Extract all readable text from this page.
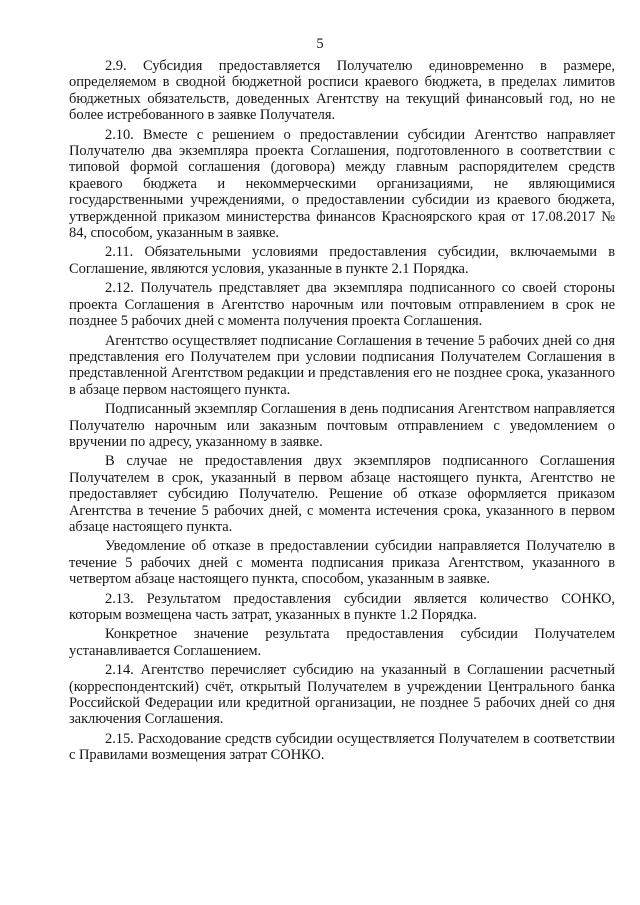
5

2.9. Субсидия предоставляется Получателю единовременно в размере, определяемом в сводной бюджетной росписи краевого бюджета, в пределах лимитов бюджетных обязательств, доведенных Агентству на текущий финансовый год, но не более истребованного в заявке Получателя.

2.10. Вместе с решением о предоставлении субсидии Агентство направляет Получателю два экземпляра проекта Соглашения, подготовленного в соответствии с типовой формой соглашения (договора) между главным распорядителем средств краевого бюджета и некоммерческими организациями, не являющимися государственными учреждениями, о предоставлении субсидии из краевого бюджета, утвержденной приказом министерства финансов Красноярского края от 17.08.2017 № 84, способом, указанным в заявке.

2.11. Обязательными условиями предоставления субсидии, включаемыми в Соглашение, являются условия, указанные в пункте 2.1 Порядка.

2.12. Получатель представляет два экземпляра подписанного со своей стороны проекта Соглашения в Агентство нарочным или почтовым отправлением в срок не позднее 5 рабочих дней с момента получения проекта Соглашения.

Агентство осуществляет подписание Соглашения в течение 5 рабочих дней со дня представления его Получателем при условии подписания Получателем Соглашения в представленной Агентством редакции и представления его не позднее срока, указанного в абзаце первом настоящего пункта.

Подписанный экземпляр Соглашения в день подписания Агентством направляется Получателю нарочным или заказным почтовым отправлением с уведомлением о вручении по адресу, указанному в заявке.

В случае не предоставления двух экземпляров подписанного Соглашения Получателем в срок, указанный в первом абзаце настоящего пункта, Агентство не предоставляет субсидию Получателю. Решение об отказе оформляется приказом Агентства в течение 5 рабочих дней, с момента истечения срока, указанного в первом абзаце настоящего пункта.

Уведомление об отказе в предоставлении субсидии направляется Получателю в течение 5 рабочих дней с момента подписания приказа Агентством, указанного в четвертом абзаце настоящего пункта, способом, указанным в заявке.

2.13. Результатом предоставления субсидии является количество СОНКО, которым возмещена часть затрат, указанных в пункте 1.2 Порядка.

Конкретное значение результата предоставления субсидии Получателем устанавливается Соглашением.

2.14. Агентство перечисляет субсидию на указанный в Соглашении расчетный (корреспондентский) счёт, открытый Получателем в учреждении Центрального банка Российской Федерации или кредитной организации, не позднее 5 рабочих дней со дня заключения Соглашения.

2.15. Расходование средств субсидии осуществляется Получателем в соответствии с Правилами возмещения затрат СОНКО.
